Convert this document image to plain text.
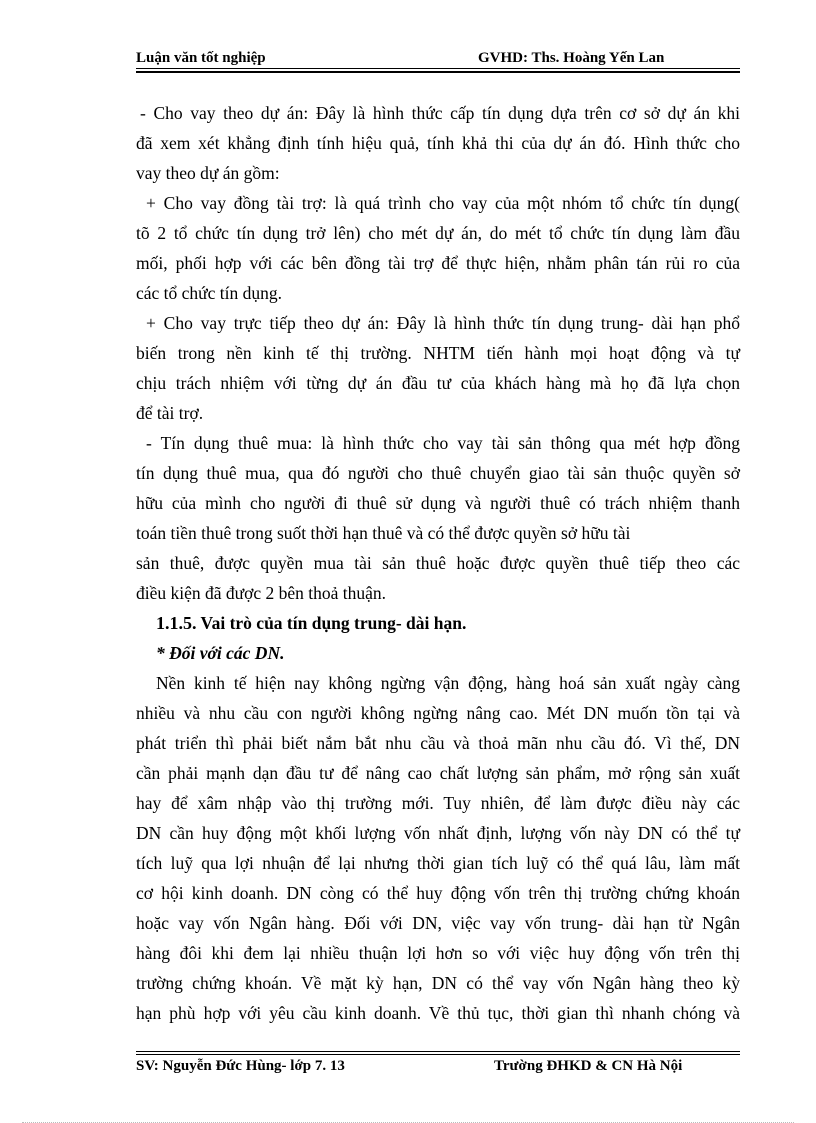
Luận văn tốt nghiệp	GVHD: Ths. Hoàng Yến Lan
- Cho vay theo dự án: Đây là hình thức cấp tín dụng dựa trên cơ sở dự án khi
đã xem xét khẳng định tính hiệu quả, tính khả thi của dự án đó. Hình thức cho
vay theo dự án gồm:
+ Cho vay đồng tài trợ: là quá trình cho vay của một nhóm tổ chức tín dụng(
tõ 2 tổ chức tín dụng trở lên) cho mét dự án, do mét tổ chức tín dụng làm đầu
mối, phối hợp với các bên đồng tài trợ để thực hiện, nhằm phân tán rủi ro của
các tổ chức tín dụng.
+ Cho vay trực tiếp theo dự án: Đây là hình thức tín dụng trung- dài hạn phổ
biến trong nền kinh tế thị trường. NHTM tiến hành mọi hoạt động và tự
chịu trách nhiệm với từng dự án đầu tư của khách hàng mà họ đã lựa chọn
để tài trợ.
- Tín dụng thuê mua: là hình thức cho vay tài sản thông qua mét hợp đồng
tín dụng thuê mua, qua đó người cho thuê chuyển giao tài sản thuộc quyền sở
hữu của mình cho người đi thuê sử dụng và người thuê có trách nhiệm thanh
toán tiền thuê trong suốt thời hạn thuê và có thể được quyền sở hữu tài
sản thuê, được quyền mua tài sản thuê hoặc được quyền thuê tiếp theo các
điều kiện đã được 2 bên thoả thuận.
1.1.5. Vai trò của tín dụng trung- dài hạn.
* Đối với các DN.
Nền kinh tế hiện nay không ngừng vận động, hàng hoá sản xuất ngày càng
nhiều và nhu cầu con người không ngừng nâng cao. Mét DN muốn tồn tại và
phát triển thì phải biết nắm bắt nhu cầu và thoả mãn nhu cầu đó. Vì thế, DN
cần phải mạnh dạn đầu tư để nâng cao chất lượng sản phẩm, mở rộng sản xuất
hay để xâm nhập vào thị trường mới. Tuy nhiên, để làm được điều này các
DN cần huy động một khối lượng vốn nhất định, lượng vốn này DN có thể tự
tích luỹ qua lợi nhuận để lại nhưng thời gian tích luỹ có thể quá lâu, làm mất
cơ hội kinh doanh. DN còng có thể huy động vốn trên thị trường chứng khoán
hoặc vay vốn Ngân hàng. Đối với DN, việc vay vốn trung- dài hạn từ Ngân
hàng đôi khi đem lại nhiều thuận lợi hơn so với việc huy động vốn trên thị
trường chứng khoán. Về mặt kỳ hạn, DN có thể vay vốn Ngân hàng theo kỳ
hạn phù hợp với yêu cầu kinh doanh. Về thủ tục, thời gian thì nhanh chóng và
SV: Nguyễn Đức Hùng- lớp 7. 13	Trường ĐHKD & CN Hà Nội
